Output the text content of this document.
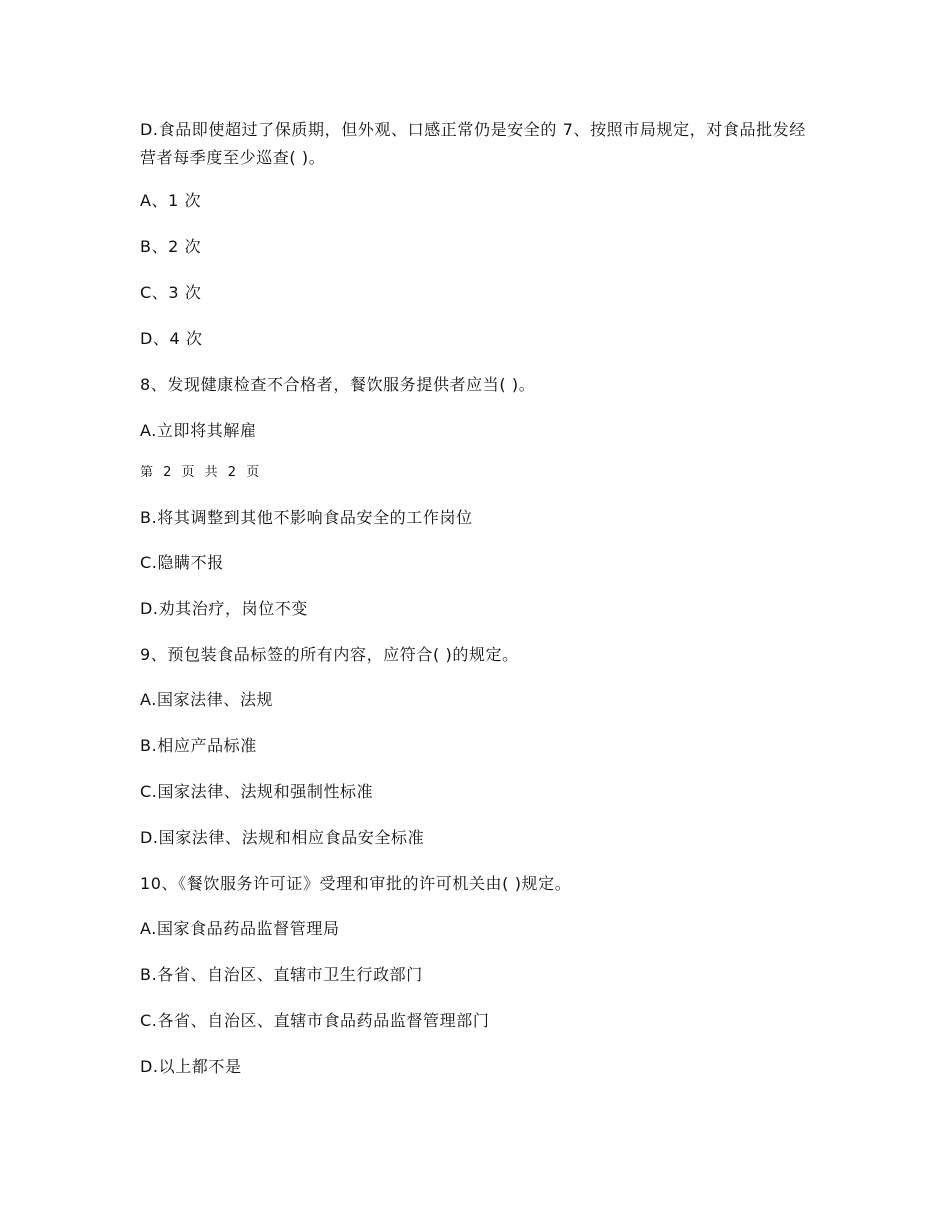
D.食品即使超过了保质期，但外观、口感正常仍是安全的 7、按照市局规定，对食品批发经营者每季度至少巡查( )。
A、1 次
B、2 次
C、3 次
D、4 次
8、发现健康检查不合格者，餐饮服务提供者应当( )。
A.立即将其解雇
第 2 页 共 2 页
B.将其调整到其他不影响食品安全的工作岗位
C.隐瞒不报
D.劝其治疗，岗位不变
9、预包装食品标签的所有内容，应符合( )的规定。
A.国家法律、法规
B.相应产品标准
C.国家法律、法规和强制性标准
D.国家法律、法规和相应食品安全标准
10、《餐饮服务许可证》受理和审批的许可机关由( )规定。
A.国家食品药品监督管理局
B.各省、自治区、直辖市卫生行政部门
C.各省、自治区、直辖市食品药品监督管理部门
D.以上都不是
